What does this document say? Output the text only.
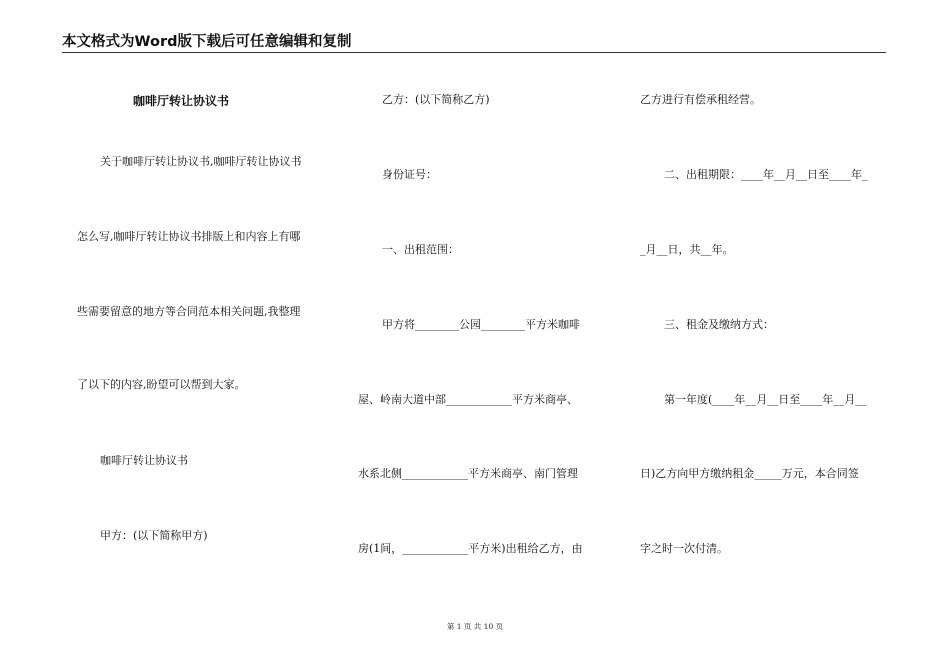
本文格式为Word版下载后可任意编辑和复制
咖啡厅转让协议书
关于咖啡厅转让协议书,咖啡厅转让协议书
怎么写,咖啡厅转让协议书排版上和内容上有哪
些需要留意的地方等合同范本相关问题,我整理
了以下的内容,盼望可以帮到大家。
咖啡厅转让协议书
甲方：(以下简称甲方)
乙方：(以下简称乙方)
身份证号：
一、出租范围：
甲方将________公园________平方米咖啡
屋、岭南大道中部____________平方米商亭、
水系北侧____________平方米商亭、南门管理
房(1间，____________平方米)出租给乙方，由
乙方进行有偿承租经营。
二、出租期限：____年__月__日至____年_
_月__日，共__年。
三、租金及缴纳方式：
第一年度(____年__月__日至____年__月__
日)乙方向甲方缴纳租金_____万元，本合同签
字之时一次付清。
第 1 页 共 10 页
